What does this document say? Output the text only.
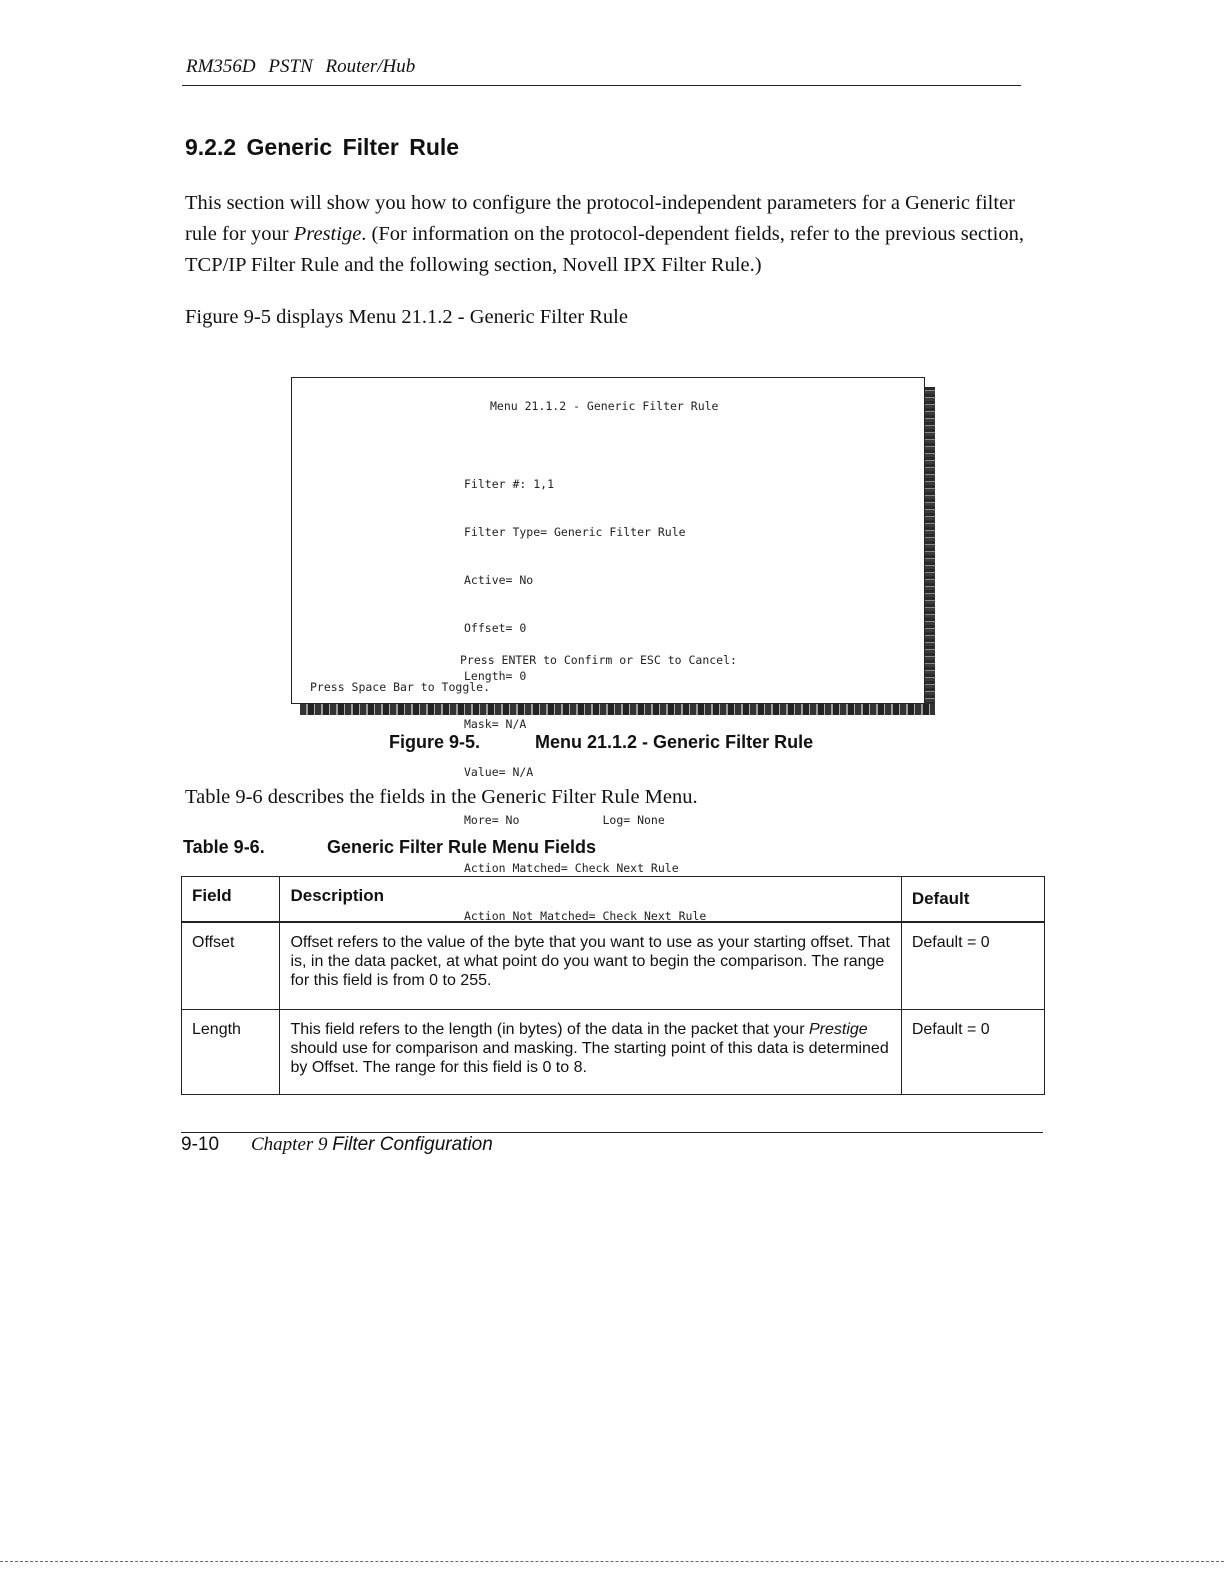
RM356D PSTN Router/Hub
9.2.2 Generic Filter Rule
This section will show you how to configure the protocol-independent parameters for a Generic filter rule for your Prestige. (For information on the protocol-dependent fields, refer to the previous section, TCP/IP Filter Rule and the following section, Novell IPX Filter Rule.)
Figure 9-5 displays Menu 21.1.2 - Generic Filter Rule
Menu 21.1.2 - Generic Filter Rule

Filter #: 1,1

Filter Type= Generic Filter Rule

Active= No

Offset= 0

Length= 0

Mask= N/A

Value= N/A

More= No            Log= None

Action Matched= Check Next Rule

Action Not Matched= Check Next Rule

Press ENTER to Confirm or ESC to Cancel:
Press Space Bar to Toggle.
Figure 9-5.	Menu 21.1.2 - Generic Filter Rule
Table 9-6 describes the fields in the Generic Filter Rule Menu.
Table 9-6.	Generic Filter Rule Menu Fields
Field	Description	Default

Offset	Offset refers to the value of the byte that you want to use as your starting offset. That is, in the data packet, at what point do you want to begin the comparison. The range for this field is from 0 to 255.	Default = 0

Length	This field refers to the length (in bytes) of the data in the packet that your Prestige should use for comparison and masking. The starting point of this data is determined by Offset. The range for this field is 0 to 8.	Default = 0
9-10 Chapter 9 Filter Configuration
